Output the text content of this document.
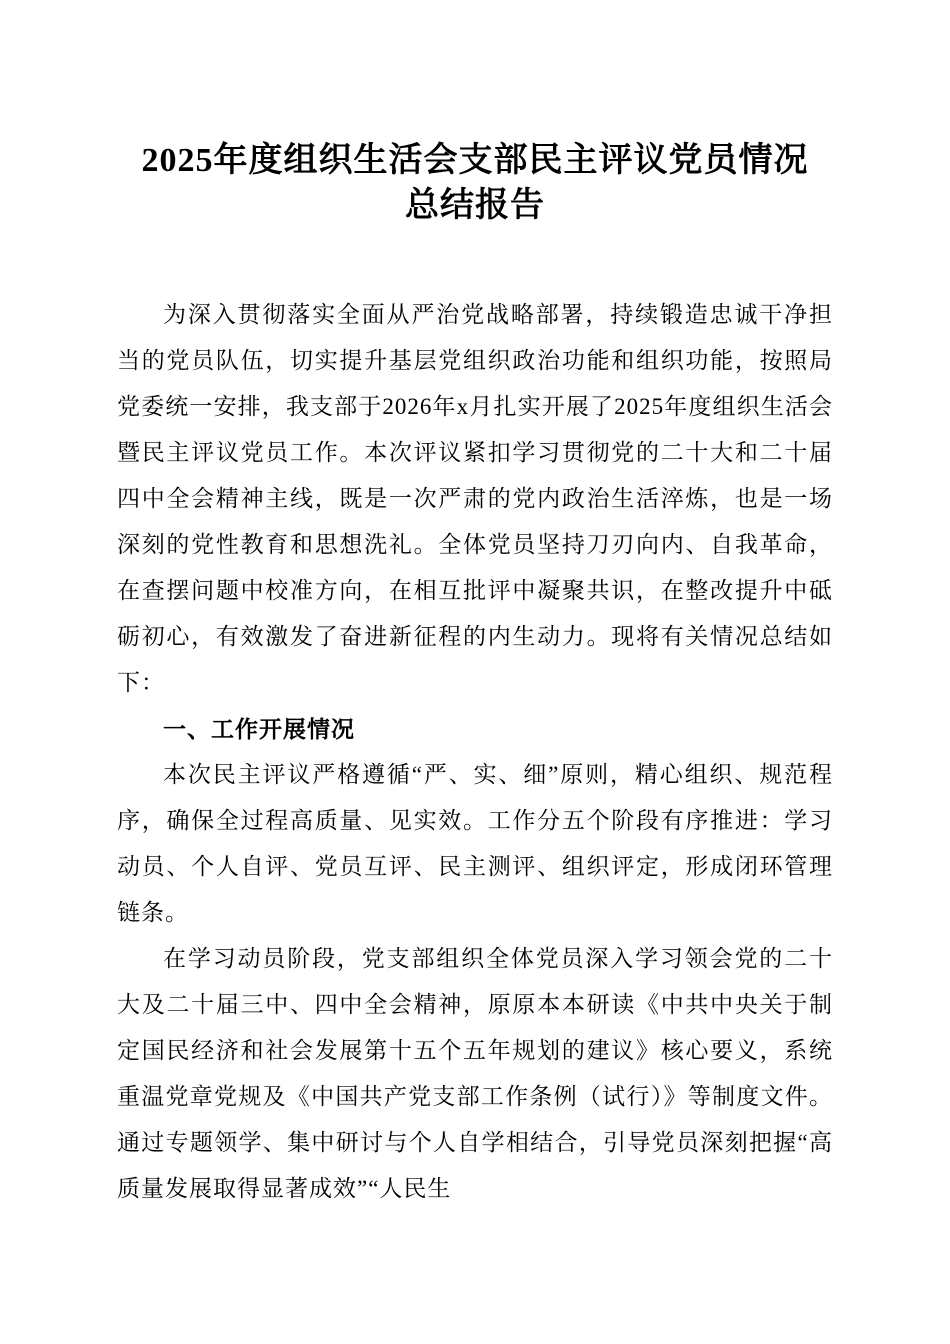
2025年度组织生活会支部民主评议党员情况
总结报告

为深入贯彻落实全面从严治党战略部署，持续锻造忠诚干净担当的党员队伍，切实提升基层党组织政治功能和组织功能，按照局党委统一安排，我支部于2026年x月扎实开展了2025年度组织生活会暨民主评议党员工作。本次评议紧扣学习贯彻党的二十大和二十届四中全会精神主线，既是一次严肃的党内政治生活淬炼，也是一场深刻的党性教育和思想洗礼。全体党员坚持刀刃向内、自我革命，在查摆问题中校准方向，在相互批评中凝聚共识，在整改提升中砥砺初心，有效激发了奋进新征程的内生动力。现将有关情况总结如下：

一、工作开展情况

本次民主评议严格遵循“严、实、细”原则，精心组织、规范程序，确保全过程高质量、见实效。工作分五个阶段有序推进：学习动员、个人自评、党员互评、民主测评、组织评定，形成闭环管理链条。

在学习动员阶段，党支部组织全体党员深入学习领会党的二十大及二十届三中、四中全会精神，原原本本研读《中共中央关于制定国民经济和社会发展第十五个五年规划的建议》核心要义，系统重温党章党规及《中国共产党支部工作条例（试行）》等制度文件。通过专题领学、集中研讨与个人自学相结合，引导党员深刻把握“高质量发展取得显著成效”“人民生
